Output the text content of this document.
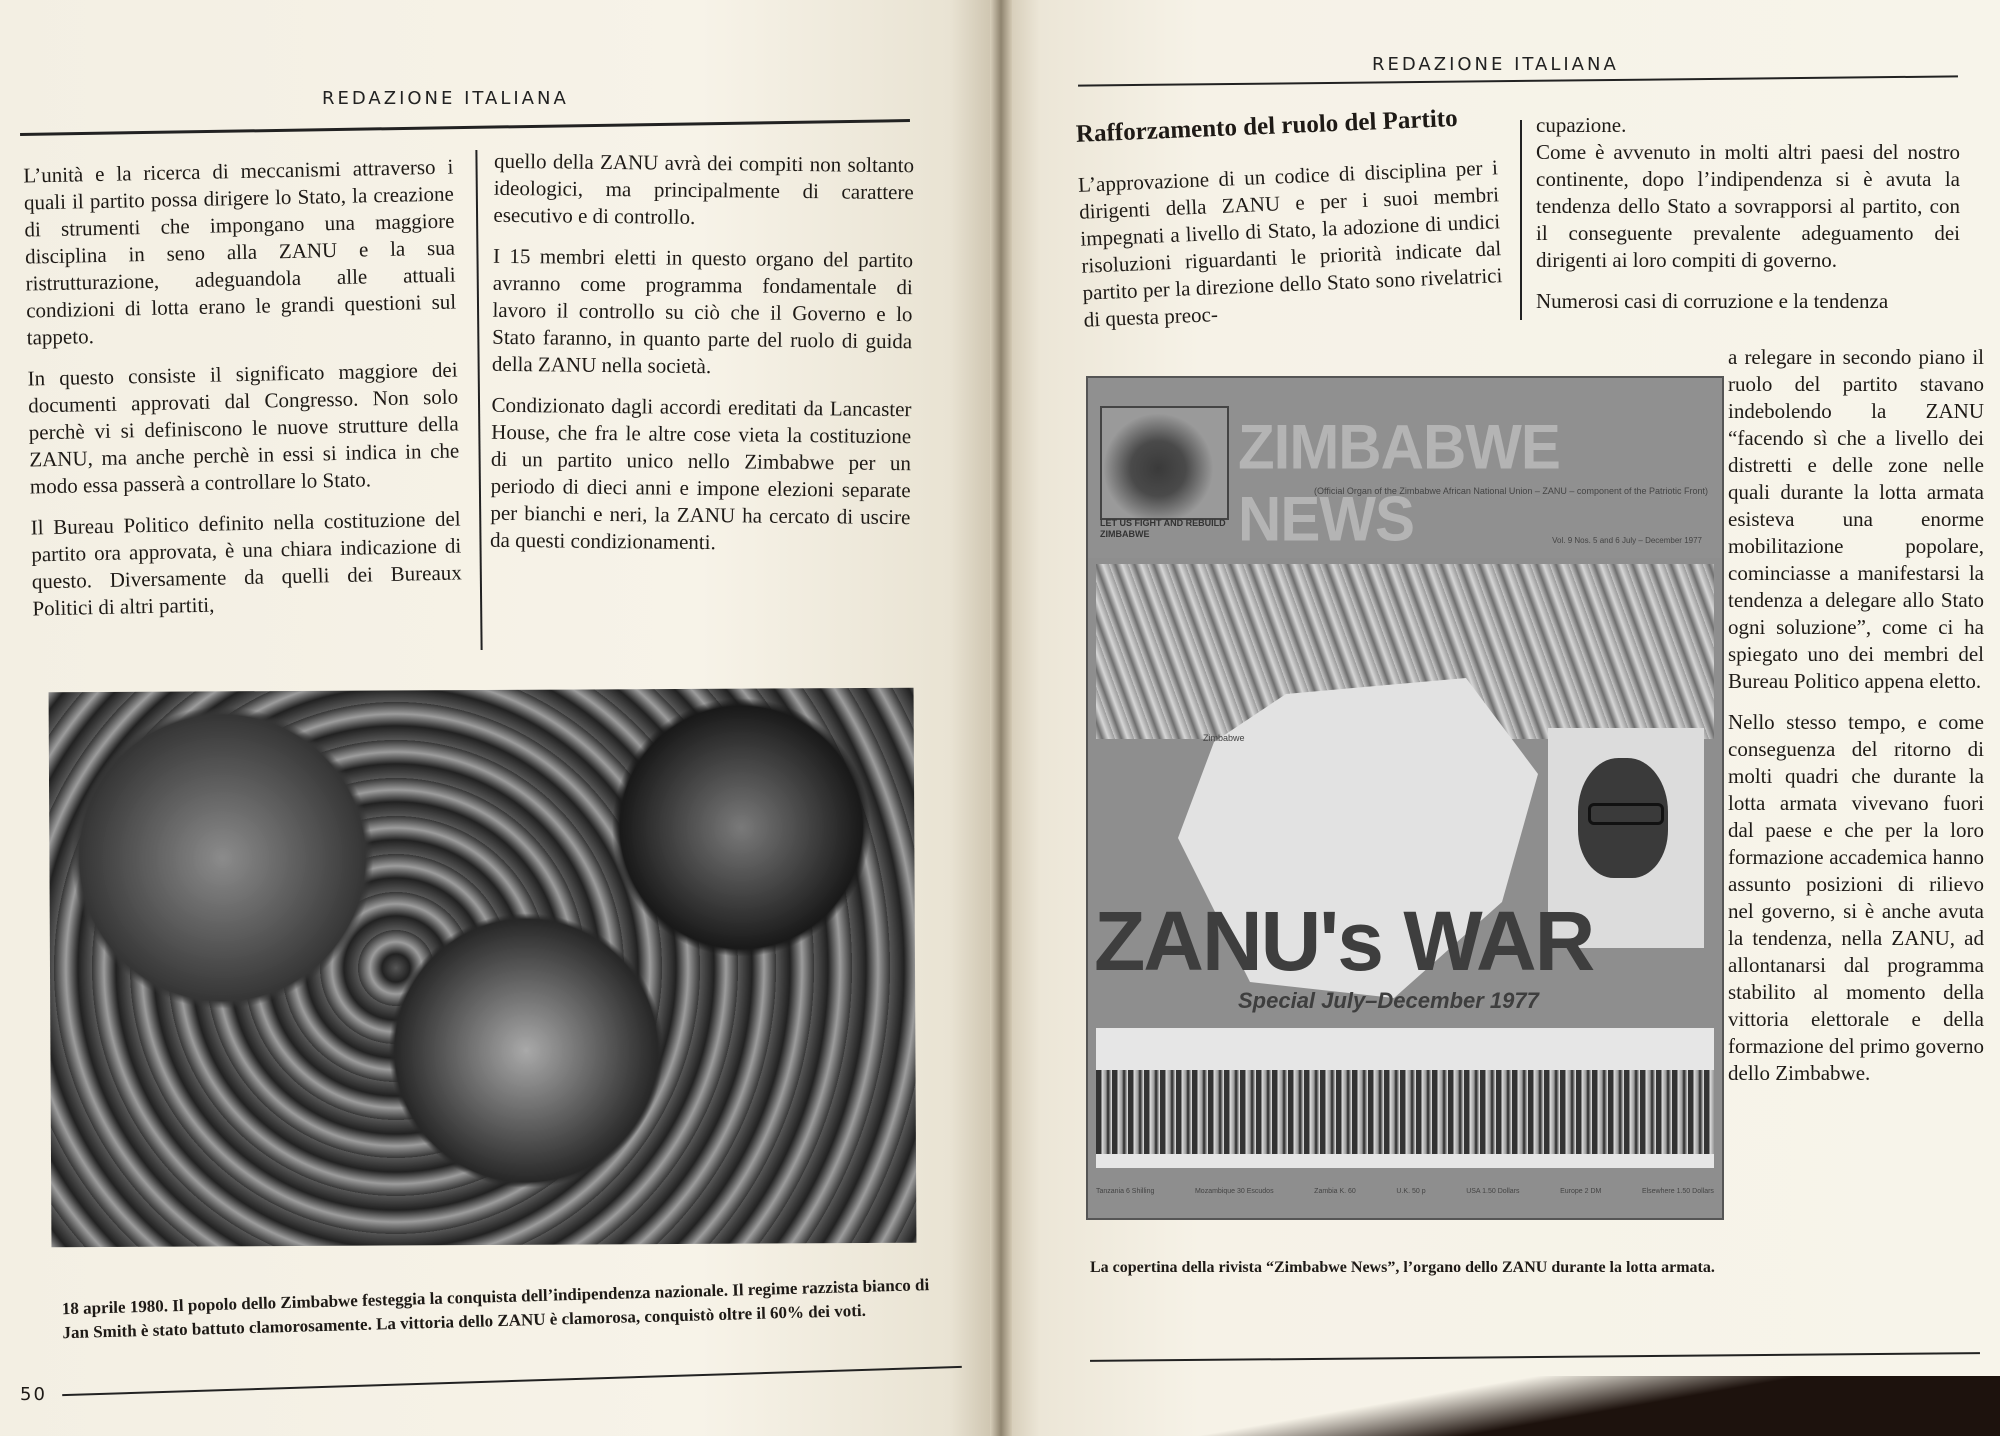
REDAZIONE ITALIANA

L’unità e la ricerca di meccanismi attraverso i quali il partito possa dirigere lo Stato, la creazione di strumenti che impongano una maggiore disciplina in seno alla ZANU e la sua ristrutturazione, adeguandola alle attuali condizioni di lotta erano le grandi questioni sul tappeto.

In questo consiste il significato maggiore dei documenti approvati dal Congresso. Non solo perchè vi si definiscono le nuove strutture della ZANU, ma anche perchè in essi si indica in che modo essa passerà a controllare lo Stato.

Il Bureau Politico definito nella costituzione del partito ora approvata, è una chiara indicazione di questo. Diversamente da quelli dei Bureaux Politici di altri partiti,

quello della ZANU avrà dei compiti non soltanto ideologici, ma principalmente di carattere esecutivo e di controllo.

I 15 membri eletti in questo organo del partito avranno come programma fondamentale di lavoro il controllo su ciò che il Governo e lo Stato faranno, in quanto parte del ruolo di guida della ZANU nella società.

Condizionato dagli accordi ereditati da Lancaster House, che fra le altre cose vieta la costituzione di un partito unico nello Zimbabwe per un periodo di dieci anni e impone elezioni separate per bianchi e neri, la ZANU ha cercato di uscire da questi condizionamenti.

18 aprile 1980. Il popolo dello Zimbabwe festeggia la conquista dell’indipendenza nazionale. Il regime razzista bianco di Jan Smith è stato battuto clamorosamente. La vittoria dello ZANU è clamorosa, conquistò oltre il 60% dei voti.
50
REDAZIONE ITALIANA
Rafforzamento del ruolo del Partito

L’approvazione di un codice di disciplina per i dirigenti della ZANU e per i suoi membri impegnati a livello di Stato, la adozione di undici risoluzioni riguardanti le priorità indicate dal partito per la direzione dello Stato sono rivelatrici di questa preoc-

cupazione.

Come è avvenuto in molti altri paesi del nostro continente, dopo l’indipendenza si è avuta la tendenza dello Stato a sovrapporsi al partito, con il conseguente prevalente adeguamento dei dirigenti ai loro compiti di governo.

Numerosi casi di corruzione e la tendenza

a relegare in secondo piano il ruolo del partito stavano indebolendo la ZANU “facendo sì che a livello dei distretti e delle zone nelle quali durante la lotta armata esisteva una enorme mobilitazione popolare, cominciasse a manifestarsi la tendenza a delegare allo Stato ogni soluzione”, come ci ha spiegato uno dei membri del Bureau Politico appena eletto.

Nello stesso tempo, e come conseguenza del ritorno di molti quadri che durante la lotta armata vivevano fuori dal paese e che per la loro formazione accademica hanno assunto posizioni di rilievo nel governo, si è anche avuta la tendenza, nella ZANU, ad allontanarsi dal programma stabilito al momento della vittoria elettorale e della formazione del primo governo dello Zimbabwe.

LET US FIGHT AND REBUILD ZIMBABWE
ZIMBABWE NEWS
(Official Organ of the Zimbabwe African National Union – ZANU – component of the Patriotic Front)
Vol. 9 Nos. 5 and 6 July – December 1977
Zimbabwe
ZANU's WAR
Special July–December 1977
Tanzania 6 Shilling	Mozambique 30 Escudos	Zambia K. 60	U.K. 50 p	USA 1.50 Dollars	Europe 2 DM	Elsewhere 1.50 Dollars
La copertina della rivista “Zimbabwe News”, l’organo dello ZANU durante la lotta armata.
